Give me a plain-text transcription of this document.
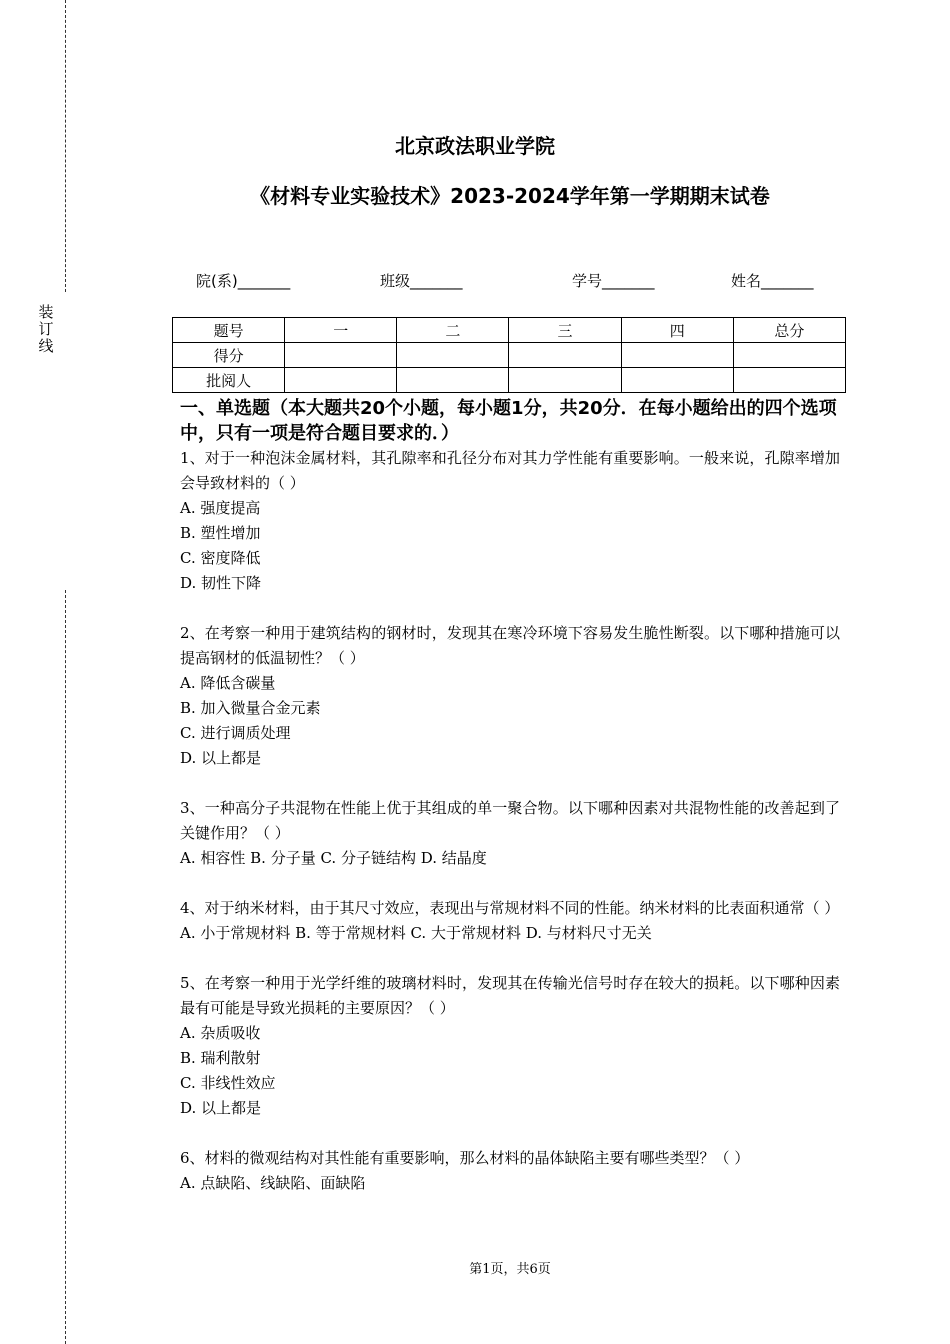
装订线
北京政法职业学院
《材料专业实验技术》2023-2024学年第一学期期末试卷
院(系)_______	班级_______	学号_______	姓名_______
题号	一	二	三	四	总分
得分					
批阅人					
一、单选题（本大题共20个小题，每小题1分，共20分．在每小题给出的四个选项中，只有一项是符合题目要求的．）
1、对于一种泡沫金属材料，其孔隙率和孔径分布对其力学性能有重要影响。一般来说，孔隙率增加会导致材料的（ ）
A. 强度提高
B. 塑性增加
C. 密度降低
D. 韧性下降
2、在考察一种用于建筑结构的钢材时，发现其在寒冷环境下容易发生脆性断裂。以下哪种措施可以提高钢材的低温韧性？（ ）
A. 降低含碳量
B. 加入微量合金元素
C. 进行调质处理
D. 以上都是
3、一种高分子共混物在性能上优于其组成的单一聚合物。以下哪种因素对共混物性能的改善起到了关键作用？（ ）
A. 相容性 B. 分子量 C. 分子链结构 D. 结晶度
4、对于纳米材料，由于其尺寸效应，表现出与常规材料不同的性能。纳米材料的比表面积通常（ ）
A. 小于常规材料 B. 等于常规材料 C. 大于常规材料 D. 与材料尺寸无关
5、在考察一种用于光学纤维的玻璃材料时，发现其在传输光信号时存在较大的损耗。以下哪种因素最有可能是导致光损耗的主要原因？（ ）
A. 杂质吸收
B. 瑞利散射
C. 非线性效应
D. 以上都是
6、材料的微观结构对其性能有重要影响，那么材料的晶体缺陷主要有哪些类型？（ ）
A. 点缺陷、线缺陷、面缺陷
第1页，共6页
